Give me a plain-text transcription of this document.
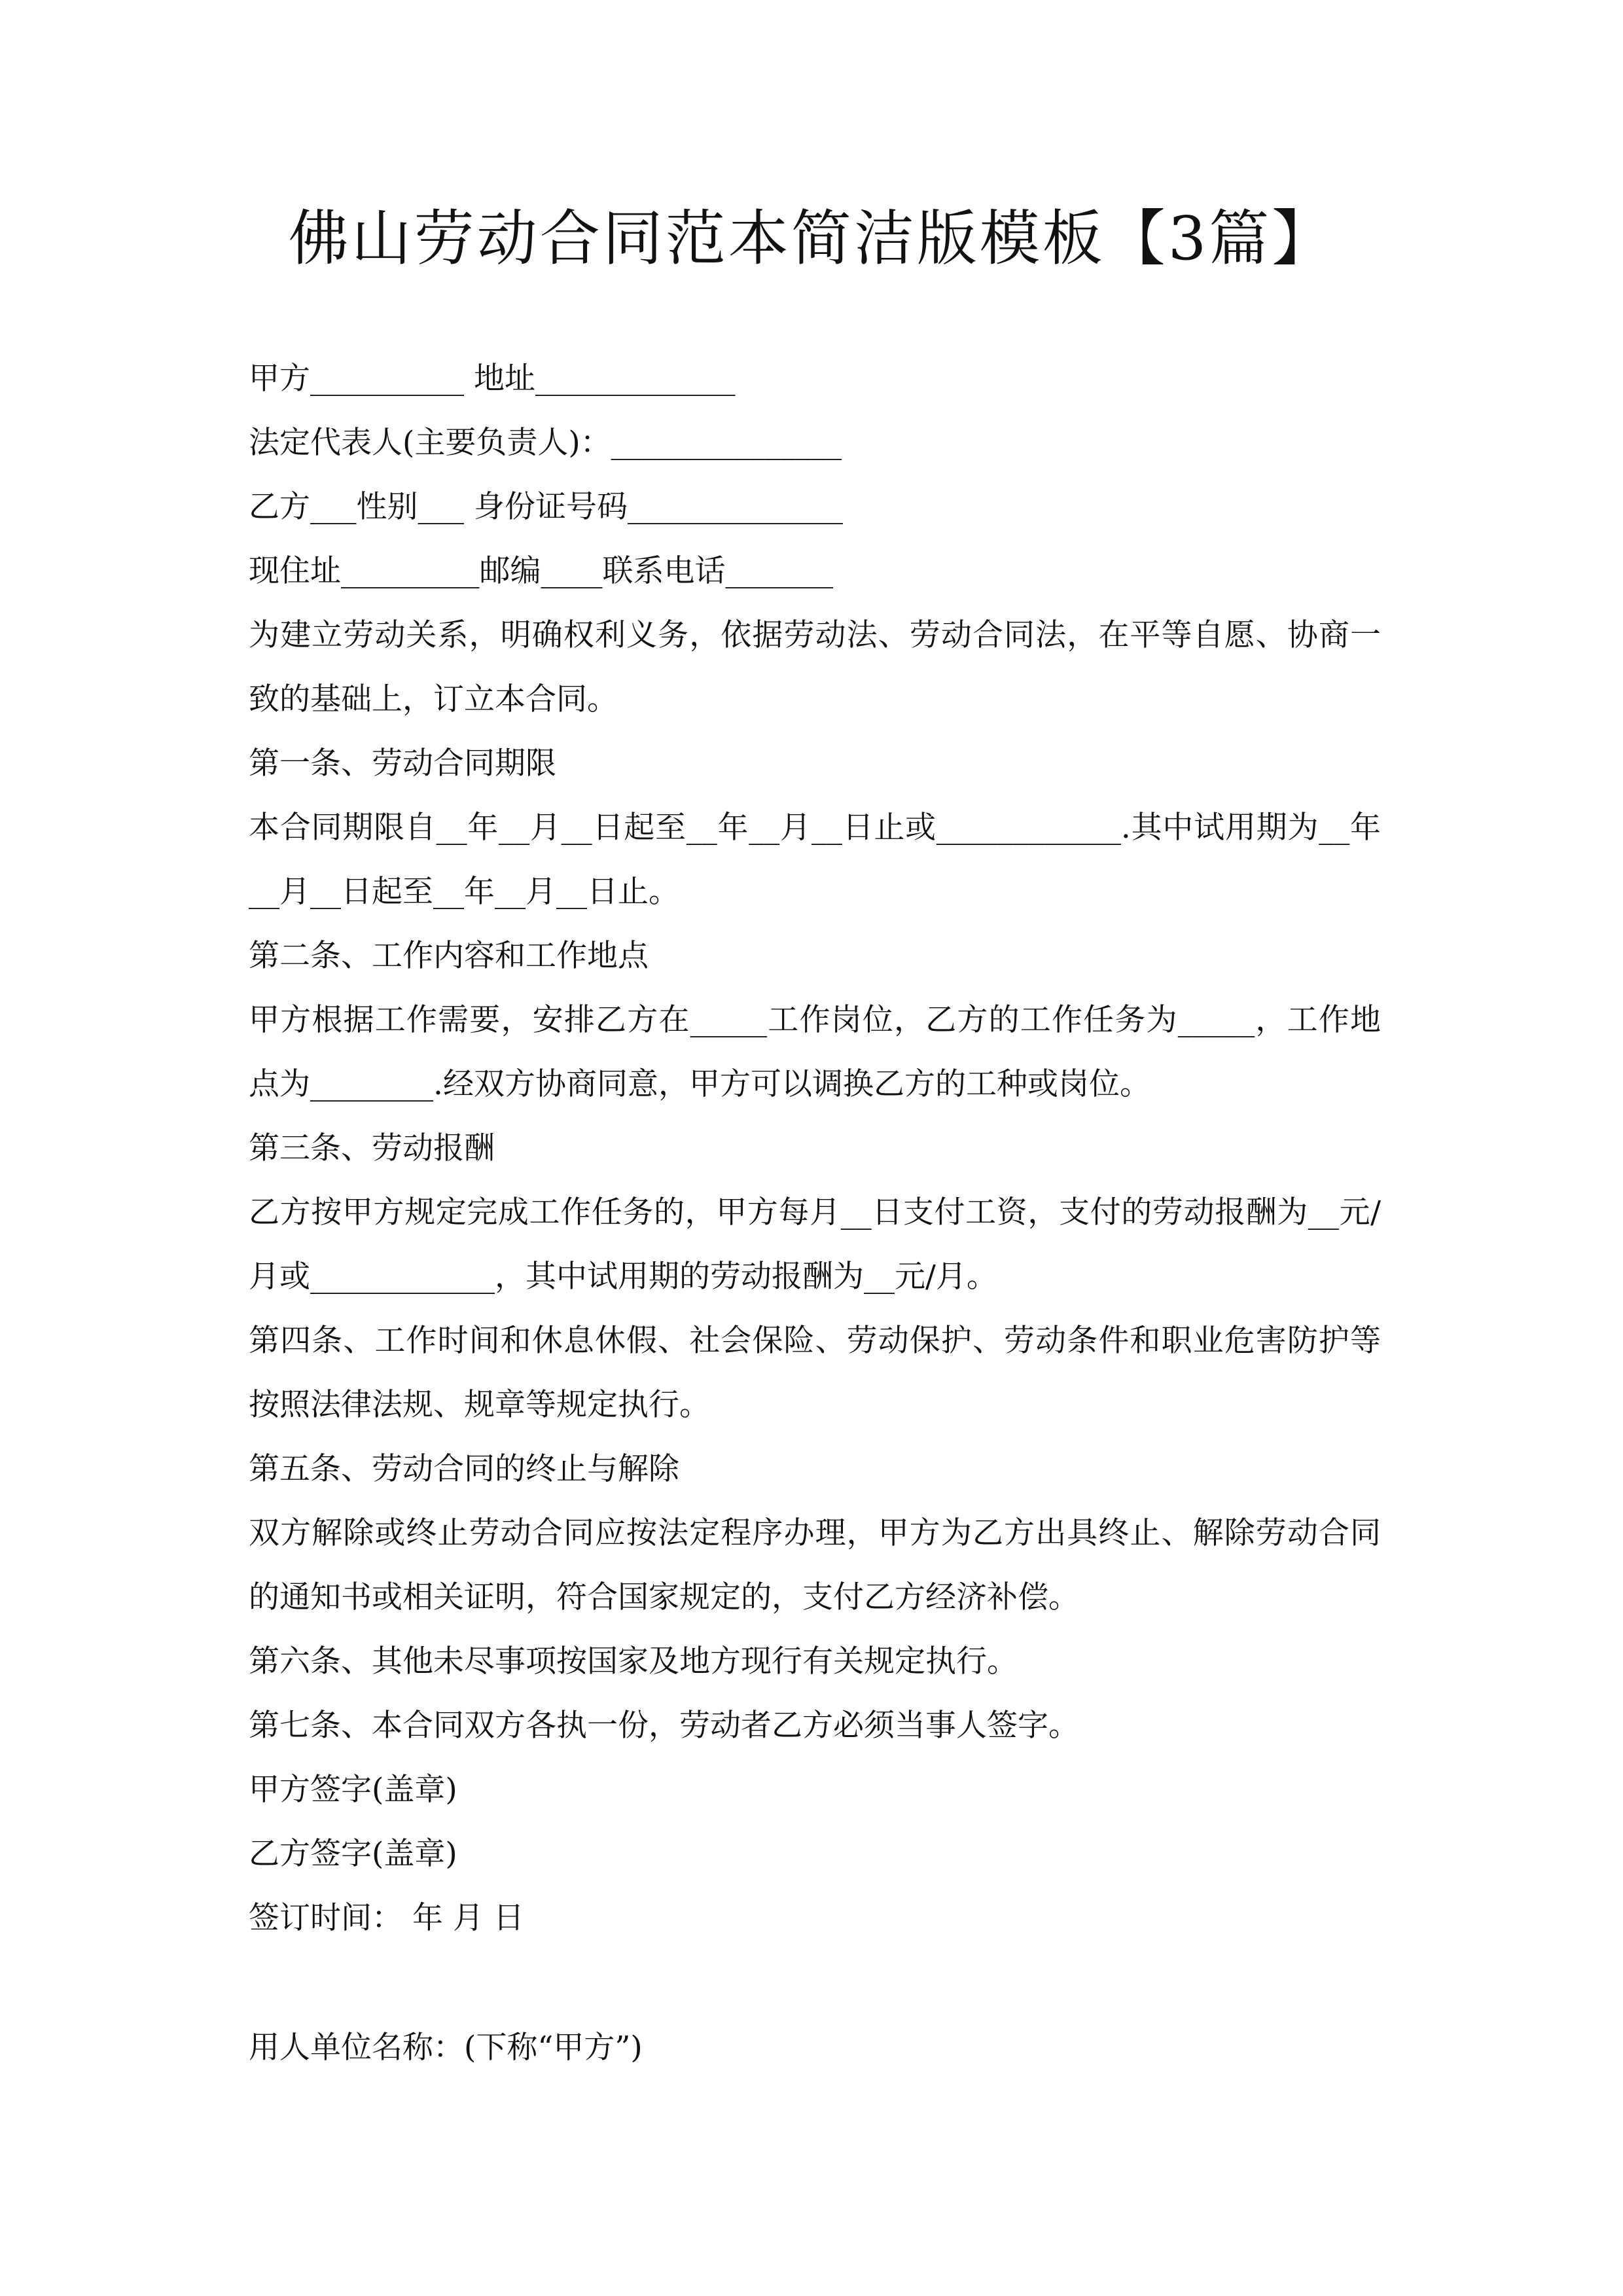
佛山劳动合同范本简洁版模板【3篇】
甲方__________ 地址_____________
法定代表人(主要负责人)：_______________
乙方___性别___ 身份证号码______________
现住址_________邮编____联系电话_______
为建立劳动关系，明确权利义务，依据劳动法、劳动合同法，在平等自愿、协商一致的基础上，订立本合同。
第一条、劳动合同期限
本合同期限自__年__月__日起至__年__月__日止或____________.其中试用期为__年__月__日起至__年__月__日止。
第二条、工作内容和工作地点
甲方根据工作需要，安排乙方在_____工作岗位，乙方的工作任务为_____，工作地点为________.经双方协商同意，甲方可以调换乙方的工种或岗位。
第三条、劳动报酬
乙方按甲方规定完成工作任务的，甲方每月__日支付工资，支付的劳动报酬为__元/月或____________，其中试用期的劳动报酬为__元/月。
第四条、工作时间和休息休假、社会保险、劳动保护、劳动条件和职业危害防护等按照法律法规、规章等规定执行。
第五条、劳动合同的终止与解除
双方解除或终止劳动合同应按法定程序办理，甲方为乙方出具终止、解除劳动合同的通知书或相关证明，符合国家规定的，支付乙方经济补偿。
第六条、其他未尽事项按国家及地方现行有关规定执行。
第七条、本合同双方各执一份，劳动者乙方必须当事人签字。
甲方签字(盖章)
乙方签字(盖章)
签订时间： 年 月 日
用人单位名称：(下称“甲方”)
